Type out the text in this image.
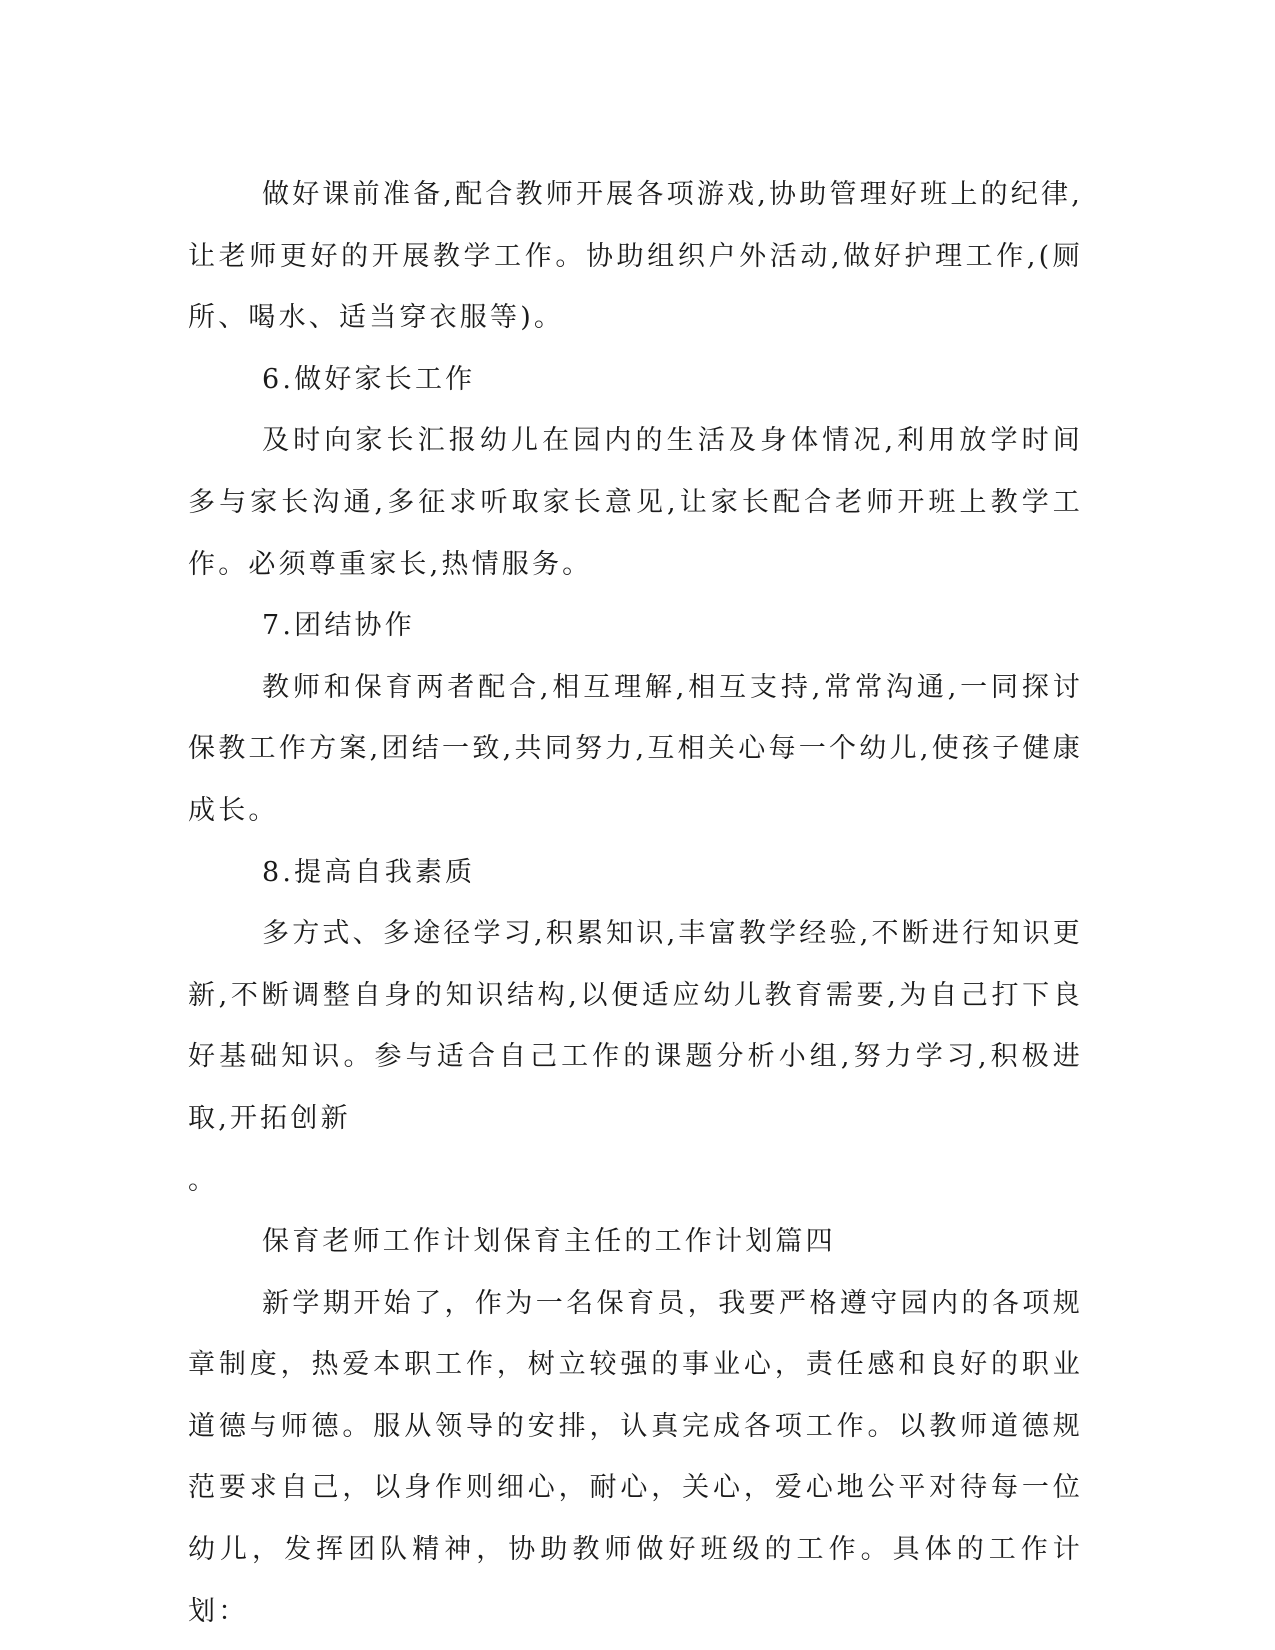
做好课前准备,配合教师开展各项游戏,协助管理好班上的纪律,让老师更好的开展教学工作。协助组织户外活动,做好护理工作,(厕所、喝水、适当穿衣服等)。

6.做好家长工作

及时向家长汇报幼儿在园内的生活及身体情况,利用放学时间多与家长沟通,多征求听取家长意见,让家长配合老师开班上教学工作。必须尊重家长,热情服务。

7.团结协作

教师和保育两者配合,相互理解,相互支持,常常沟通,一同探讨保教工作方案,团结一致,共同努力,互相关心每一个幼儿,使孩子健康成长。

8.提高自我素质

多方式、多途径学习,积累知识,丰富教学经验,不断进行知识更新,不断调整自身的知识结构,以便适应幼儿教育需要,为自己打下良好基础知识。参与适合自己工作的课题分析小组,努力学习,积极进取,开拓创新

。

保育老师工作计划保育主任的工作计划篇四

新学期开始了，作为一名保育员，我要严格遵守园内的各项规章制度，热爱本职工作，树立较强的事业心，责任感和良好的职业道德与师德。服从领导的安排，认真完成各项工作。以教师道德规范要求自己，以身作则细心，耐心，关心，爱心地公平对待每一位幼儿，发挥团队精神，协助教师做好班级的工作。具体的工作计划：
